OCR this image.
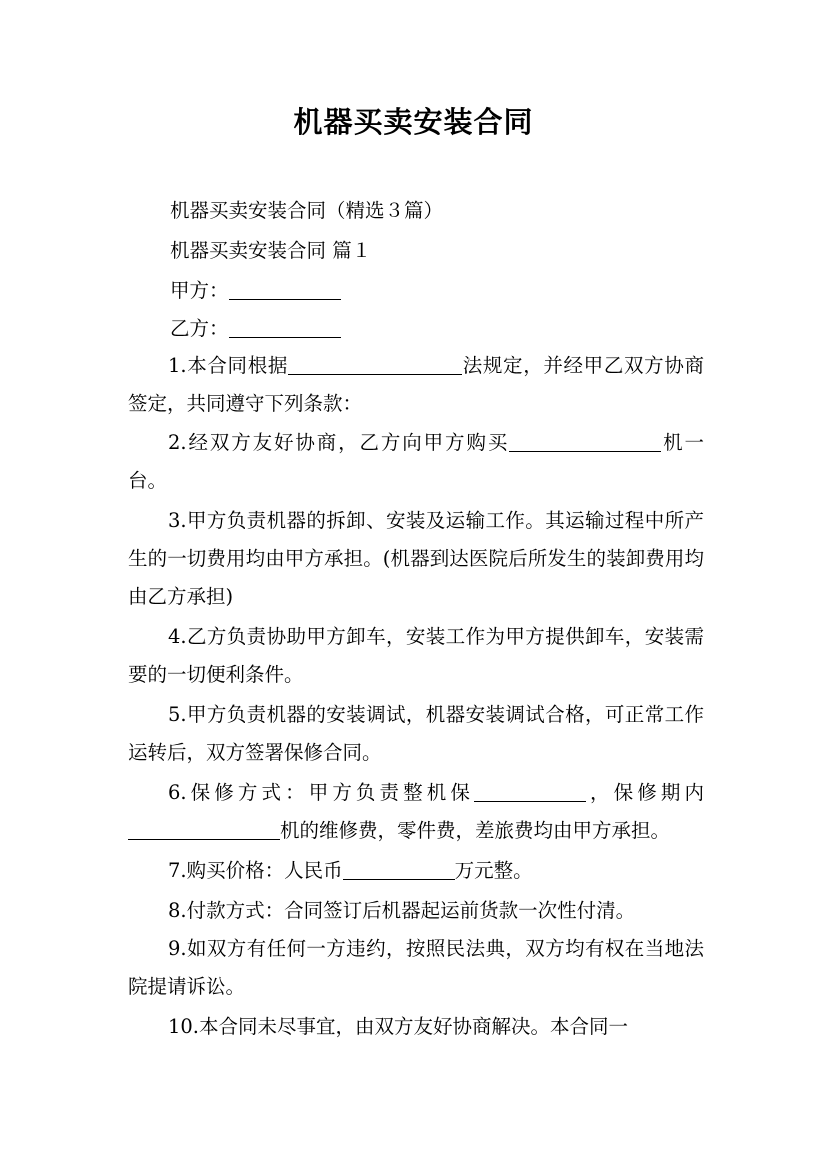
机器买卖安装合同
机器买卖安装合同（精选３篇）
机器买卖安装合同 篇１
甲方：
乙方：
1.本合同根据	法规定，并经甲乙双方协商签定，共同遵守下列条款：
2.经双方友好协商，乙方向甲方购买	机一台。
3.甲方负责机器的拆卸、安装及运输工作。其运输过程中所产生的一切费用均由甲方承担。(机器到达医院后所发生的装卸费用均由乙方承担)
4.乙方负责协助甲方卸车，安装工作为甲方提供卸车，安装需要的一切便利条件。
5.甲方负责机器的安装调试，机器安装调试合格，可正常工作运转后，双方签署保修合同。
6.保修方式：甲方负责整机保	，保修期内机的维修费，零件费，差旅费均由甲方承担。
7.购买价格：人民币	万元整。
8.付款方式：合同签订后机器起运前货款一次性付清。
9.如双方有任何一方违约，按照民法典，双方均有权在当地法院提请诉讼。
10.本合同未尽事宜，由双方友好协商解决。本合同一
